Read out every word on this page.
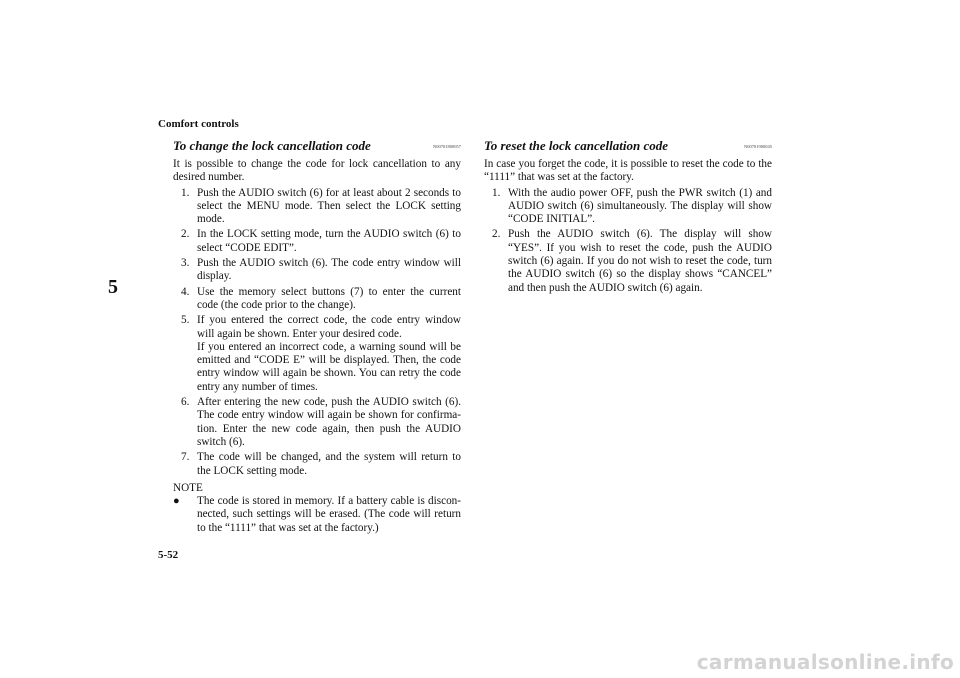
Comfort controls
5
To change the lock cancellation code	N00701800057

It is possible to change the code for lock cancellation to any desired number.

1. Push the AUDIO switch (6) for at least about 2 seconds to select the MENU mode. Then select the LOCK setting mode.
2. In the LOCK setting mode, turn the AUDIO switch (6) to select “CODE EDIT”.
3. Push the AUDIO switch (6). The code entry window will display.
4. Use the memory select buttons (7) to enter the current code (the code prior to the change).
5. If you entered the correct code, the code entry window will again be shown. Enter your desired code.
If you entered an incorrect code, a warning sound will be emitted and “CODE E” will be displayed. Then, the code entry window will again be shown. You can retry the code entry any number of times.
6. After entering the new code, push the AUDIO switch (6). The code entry window will again be shown for confirma-tion. Enter the new code again, then push the AUDIO switch (6).
7. The code will be changed, and the system will return to the LOCK setting mode.
NOTE
● The code is stored in memory. If a battery cable is discon-nected, such settings will be erased. (The code will return to the “1111” that was set at the factory.)
To reset the lock cancellation code	N00701900045

In case you forget the code, it is possible to reset the code to the “1111” that was set at the factory.

1. With the audio power OFF, push the PWR switch (1) and AUDIO switch (6) simultaneously. The display will show “CODE INITIAL”.
2. Push the AUDIO switch (6). The display will show “YES”. If you wish to reset the code, push the AUDIO switch (6) again. If you do not wish to reset the code, turn the AUDIO switch (6) so the display shows “CANCEL” and then push the AUDIO switch (6) again.
5-52
carmanualsonline.info
